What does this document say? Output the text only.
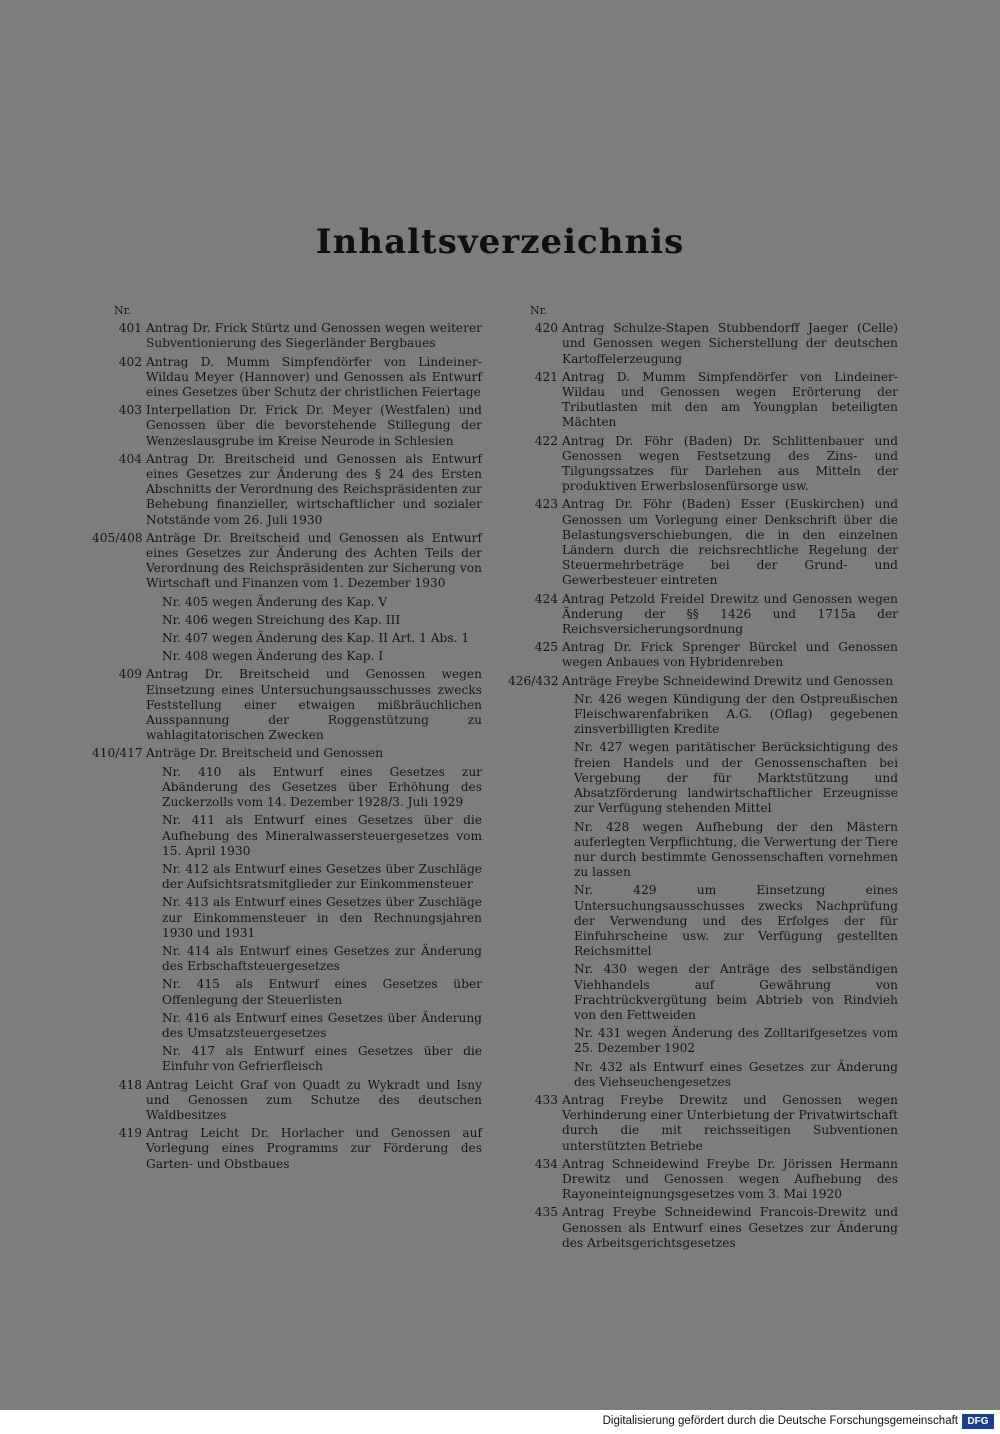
Inhaltsverzeichnis
Nr.
401 Antrag Dr. Frick Stürtz und Genossen wegen weiterer Subventionierung des Siegerländer Bergbaues
402 Antrag D. Mumm Simpfendörfer von Lindeiner-Wildau Meyer (Hannover) und Genossen als Entwurf eines Gesetzes über Schutz der christlichen Feiertage
403 Interpellation Dr. Frick Dr. Meyer (Westfalen) und Genossen über die bevorstehende Stillegung der Wenzeslausgrube im Kreise Neurode in Schlesien
404 Antrag Dr. Breitscheid und Genossen als Entwurf eines Gesetzes zur Änderung des § 24 des Ersten Abschnitts der Verordnung des Reichspräsidenten zur Behebung finanzieller, wirtschaftlicher und sozialer Notstände vom 26. Juli 1930
405/408 Anträge Dr. Breitscheid und Genossen als Entwurf eines Gesetzes zur Änderung des Achten Teils der Verordnung des Reichspräsidenten zur Sicherung von Wirtschaft und Finanzen vom 1. Dezember 1930
Nr. 405 wegen Änderung des Kap. V
Nr. 406 wegen Streichung des Kap. III
Nr. 407 wegen Änderung des Kap. II Art. 1 Abs. 1
Nr. 408 wegen Änderung des Kap. I
409 Antrag Dr. Breitscheid und Genossen wegen Einsetzung eines Untersuchungsausschusses zwecks Feststellung einer etwaigen mißbräuchlichen Ausspannung der Roggenstützung zu wahlagitatorischen Zwecken
410/417 Anträge Dr. Breitscheid und Genossen
Nr. 410 als Entwurf eines Gesetzes zur Abänderung des Gesetzes über Erhöhung des Zuckerzolls vom 14. Dezember 1928/3. Juli 1929
Nr. 411 als Entwurf eines Gesetzes über die Aufhebung des Mineralwassersteuergesetzes vom 15. April 1930
Nr. 412 als Entwurf eines Gesetzes über Zuschläge der Aufsichtsratsmitglieder zur Einkommensteuer
Nr. 413 als Entwurf eines Gesetzes über Zuschläge zur Einkommensteuer in den Rechnungsjahren 1930 und 1931
Nr. 414 als Entwurf eines Gesetzes zur Änderung des Erbschaftsteuergesetzes
Nr. 415 als Entwurf eines Gesetzes über Offenlegung der Steuerlisten
Nr. 416 als Entwurf eines Gesetzes über Änderung des Umsatzsteuergesetzes
Nr. 417 als Entwurf eines Gesetzes über die Einfuhr von Gefrierfleisch
418 Antrag Leicht Graf von Quadt zu Wykradt und Isny und Genossen zum Schutze des deutschen Waldbesitzes
419 Antrag Leicht Dr. Horlacher und Genossen auf Vorlegung eines Programms zur Förderung des Garten- und Obstbaues
Nr.
420 Antrag Schulze-Stapen Stubbendorff Jaeger (Celle) und Genossen wegen Sicherstellung der deutschen Kartoffelerzeugung
421 Antrag D. Mumm Simpfendörfer von Lindeiner-Wildau und Genossen wegen Erörterung der Tributlasten mit den am Youngplan beteiligten Mächten
422 Antrag Dr. Föhr (Baden) Dr. Schlittenbauer und Genossen wegen Festsetzung des Zins- und Tilgungssatzes für Darlehen aus Mitteln der produktiven Erwerbslosenfürsorge usw.
423 Antrag Dr. Föhr (Baden) Esser (Euskirchen) und Genossen um Vorlegung einer Denkschrift über die Belastungsverschiebungen, die in den einzelnen Ländern durch die reichsrechtliche Regelung der Steuermehrbeträge bei der Grund- und Gewerbesteuer eintreten
424 Antrag Petzold Freidel Drewitz und Genossen wegen Änderung der §§ 1426 und 1715a der Reichsversicherungsordnung
425 Antrag Dr. Frick Sprenger Bürckel und Genossen wegen Anbaues von Hybridenreben
426/432 Anträge Freybe Schneidewind Drewitz und Genossen
Nr. 426 wegen Kündigung der den Ostpreußischen Fleischwarenfabriken A.G. (Oflag) gegebenen zinsverbilligten Kredite
Nr. 427 wegen paritätischer Berücksichtigung des freien Handels und der Genossenschaften bei Vergebung der für Marktstützung und Absatzförderung landwirtschaftlicher Erzeugnisse zur Verfügung stehenden Mittel
Nr. 428 wegen Aufhebung der den Mästern auferlegten Verpflichtung, die Verwertung der Tiere nur durch bestimmte Genossenschaften vornehmen zu lassen
Nr. 429 um Einsetzung eines Untersuchungsausschusses zwecks Nachprüfung der Verwendung und des Erfolges der für Einfuhrscheine usw. zur Verfügung gestellten Reichsmittel
Nr. 430 wegen der Anträge des selbständigen Viehhandels auf Gewährung von Frachtrückvergütung beim Abtrieb von Rindvieh von den Fettweiden
Nr. 431 wegen Änderung des Zolltarifgesetzes vom 25. Dezember 1902
Nr. 432 als Entwurf eines Gesetzes zur Änderung des Viehseuchengesetzes
433 Antrag Freybe Drewitz und Genossen wegen Verhinderung einer Unterbietung der Privatwirtschaft durch die mit reichsseitigen Subventionen unterstützten Betriebe
434 Antrag Schneidewind Freybe Dr. Jörissen Hermann Drewitz und Genossen wegen Aufhebung des Rayoneinteignungsgesetzes vom 3. Mai 1920
435 Antrag Freybe Schneidewind Francois-Drewitz und Genossen als Entwurf eines Gesetzes zur Änderung des Arbeitsgerichtsgesetzes
Digitalisierung gefördert durch die Deutsche Forschungsgemeinschaft DFG
